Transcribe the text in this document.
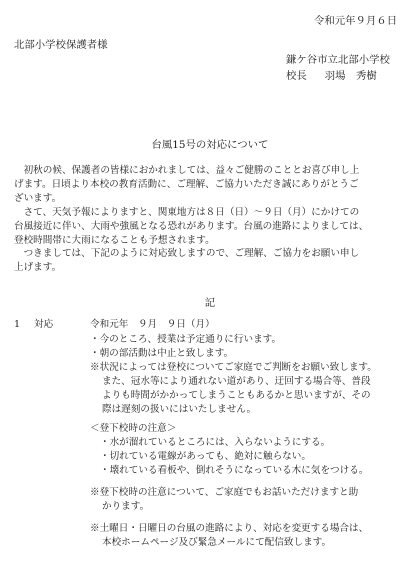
令和元年９月６日
北部小学校保護者様
鎌ケ谷市立北部小学校
校長 羽場　秀樹
台風15号の対応について

初秋の候、保護者の皆様におかれましては、益々ご健勝のこととお喜び申し上
げます。日頃より本校の教育活動に、ご理解、ご協力いただき誠にありがとうご
ざいます。

さて、天気予報によりますと、関東地方は８日（日）～９日（月）にかけての
台風接近に伴い、大雨や強風となる恐れがあります。台風の進路によりましては、
登校時間帯に大雨になることも予想されます。

つきましては、下記のように対応致しますので、ご理解、ご協力をお願い申し
上げます。

記
1 対応	令和元年　９月　９日（月）
・今のところ、授業は予定通りに行います。
・朝の部活動は中止と致します。
※状況によっては登校についてご家庭でご判断をお願い致します。
また、冠水等により通れない道があり、迂回する場合等、普段
よりも時間がかかってしまうこともあるかと思いますが、その
際は遅刻の扱いにはいたしません。
＜登下校時の注意＞
・水が溜れているところには、入らないようにする。
・切れている電線があっても、絶対に触らない。
・壊れている看板や、倒れそうになっている木に気をつける。
※登下校時の注意について、ご家庭でもお話いただけますと助
かります。
※土曜日・日曜日の台風の進路により、対応を変更する場合は、
本校ホームページ及び緊急メールにて配信致します。
